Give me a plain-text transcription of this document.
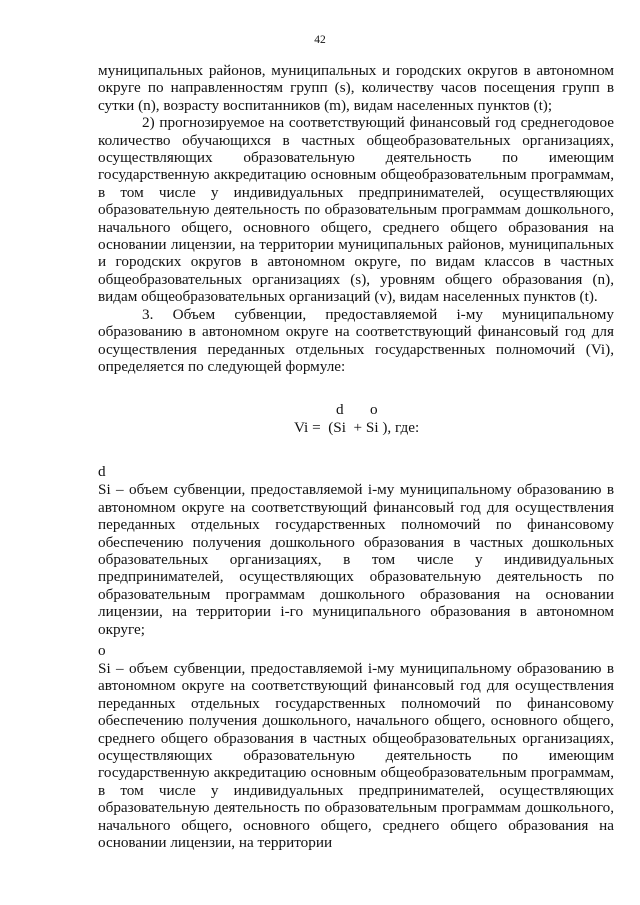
42

муниципальных районов, муниципальных и городских округов в автономном округе по направленностям групп (s), количеству часов посещения групп в сутки (n), возрасту воспитанников (m), видам населенных пунктов (t);

2) прогнозируемое на соответствующий финансовый год среднегодовое количество обучающихся в частных общеобразовательных организациях, осуществляющих образовательную деятельность по имеющим государственную аккредитацию основным общеобразовательным программам, в том числе у индивидуальных предпринимателей, осуществляющих образовательную деятельность по образовательным программам дошкольного, начального общего, основного общего, среднего общего образования на основании лицензии, на территории муниципальных районов, муниципальных и городских округов в автономном округе, по видам классов в частных общеобразовательных организациях (s), уровням общего образования (n), видам общеобразовательных организаций (v), видам населенных пунктов (t).

3. Объем субвенции, предоставляемой i-му муниципальному образованию в автономном округе на соответствующий финансовый год для осуществления переданных отдельных государственных полномочий (Vi), определяется по следующей формуле:

d o
Vi =  (Si  + Si ), где:

d

Si – объем субвенции, предоставляемой i-му муниципальному образованию в автономном округе на соответствующий финансовый год для осуществления переданных отдельных государственных полномочий по финансовому обеспечению получения дошкольного образования в частных дошкольных образовательных организациях, в том числе у индивидуальных предпринимателей, осуществляющих образовательную деятельность по образовательным программам дошкольного образования на основании лицензии, на территории i-го муниципального образования в автономном округе;

o

Si – объем субвенции, предоставляемой i-му муниципальному образованию в автономном округе на соответствующий финансовый год для осуществления переданных отдельных государственных полномочий по финансовому обеспечению получения дошкольного, начального общего, основного общего, среднего общего образования в частных общеобразовательных организациях, осуществляющих образовательную деятельность по имеющим государственную аккредитацию основным общеобразовательным программам, в том числе у индивидуальных предпринимателей, осуществляющих образовательную деятельность по образовательным программам дошкольного, начального общего, основного общего, среднего общего образования на основании лицензии, на территории
